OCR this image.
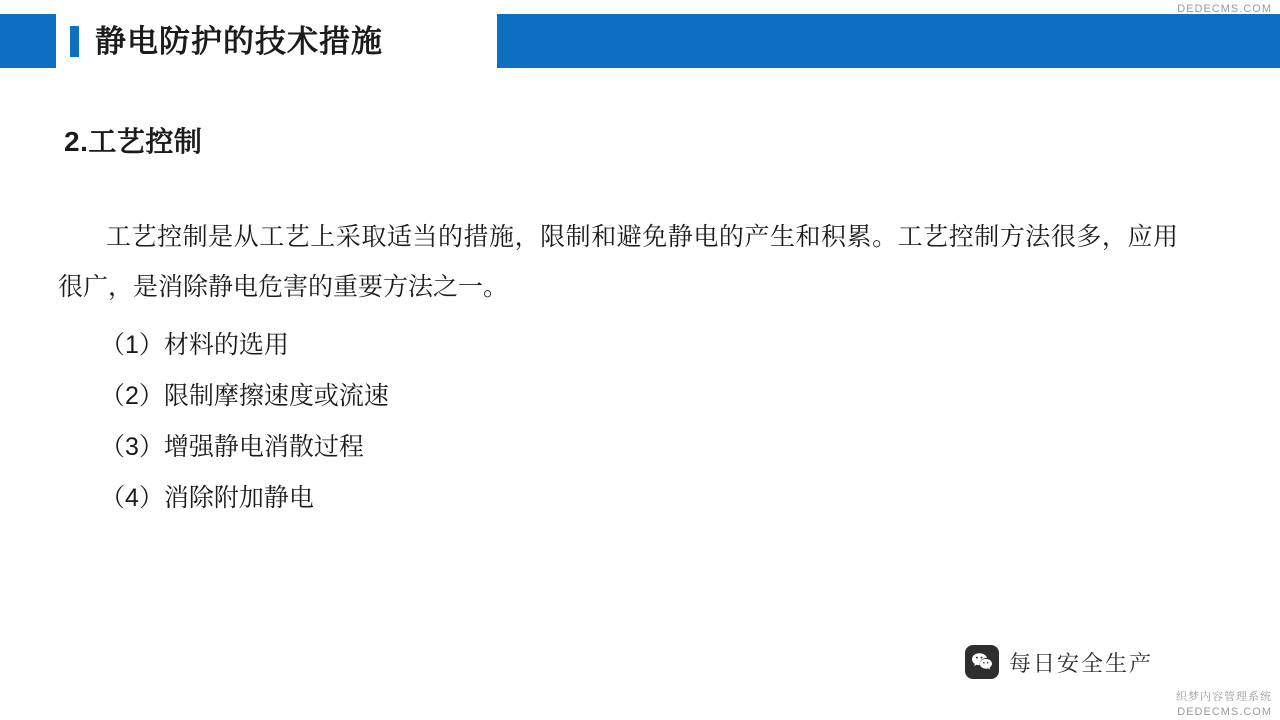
静电防护的技术措施
2.工艺控制
工艺控制是从工艺上采取适当的措施，限制和避免静电的产生和积累。工艺控制方法很多，应用很广，是消除静电危害的重要方法之一。
（1）材料的选用
（2）限制摩擦速度或流速
（3）增强静电消散过程
（4）消除附加静电
每日安全生产
DEDECMS.COM
织梦内容管理系统
DEDECMS.COM
